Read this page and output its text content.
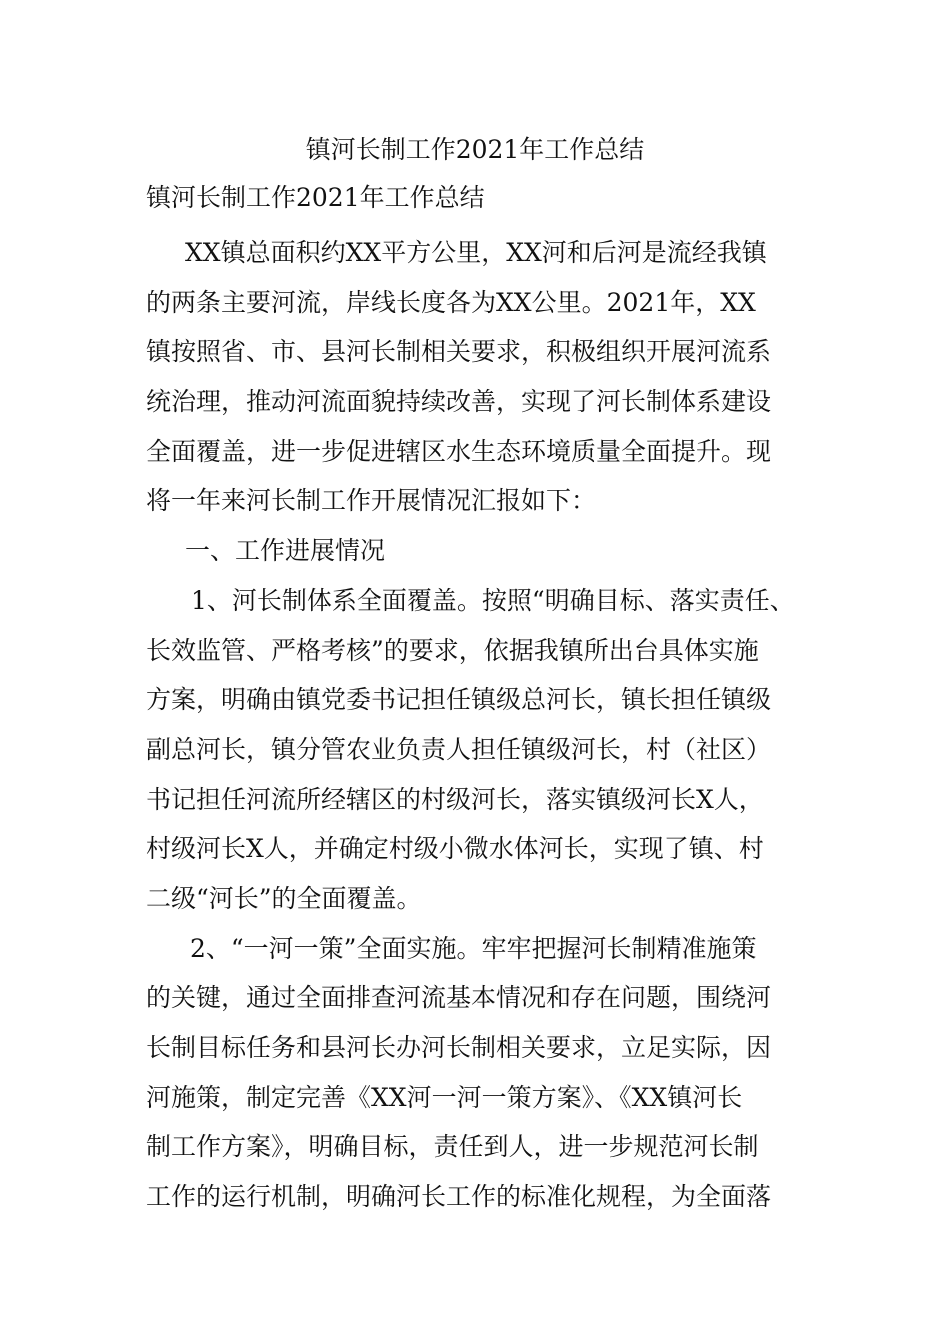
镇河长制工作2021年工作总结
镇河长制工作2021年工作总结

XX镇总面积约XX平方公里，XX河和后河是流经我镇
的两条主要河流，岸线长度各为XX公里。2021年，XX
镇按照省、市、县河长制相关要求，积极组织开展河流系
统治理，推动河流面貌持续改善，实现了河长制体系建设
全面覆盖，进一步促进辖区水生态环境质量全面提升。现
将一年来河长制工作开展情况汇报如下：

一、工作进展情况

1、河长制体系全面覆盖。按照“明确目标、落实责任、
长效监管、严格考核”的要求，依据我镇所出台具体实施
方案，明确由镇党委书记担任镇级总河长，镇长担任镇级
副总河长，镇分管农业负责人担任镇级河长，村（社区）
书记担任河流所经辖区的村级河长，落实镇级河长X人，
村级河长X人，并确定村级小微水体河长，实现了镇、村
二级“河长”的全面覆盖。

2、“一河一策”全面实施。牢牢把握河长制精准施策
的关键，通过全面排查河流基本情况和存在问题，围绕河
长制目标任务和县河长办河长制相关要求，立足实际，因
河施策，制定完善《XX河一河一策方案》、《XX镇河长
制工作方案》，明确目标，责任到人，进一步规范河长制
工作的运行机制，明确河长工作的标准化规程，为全面落
